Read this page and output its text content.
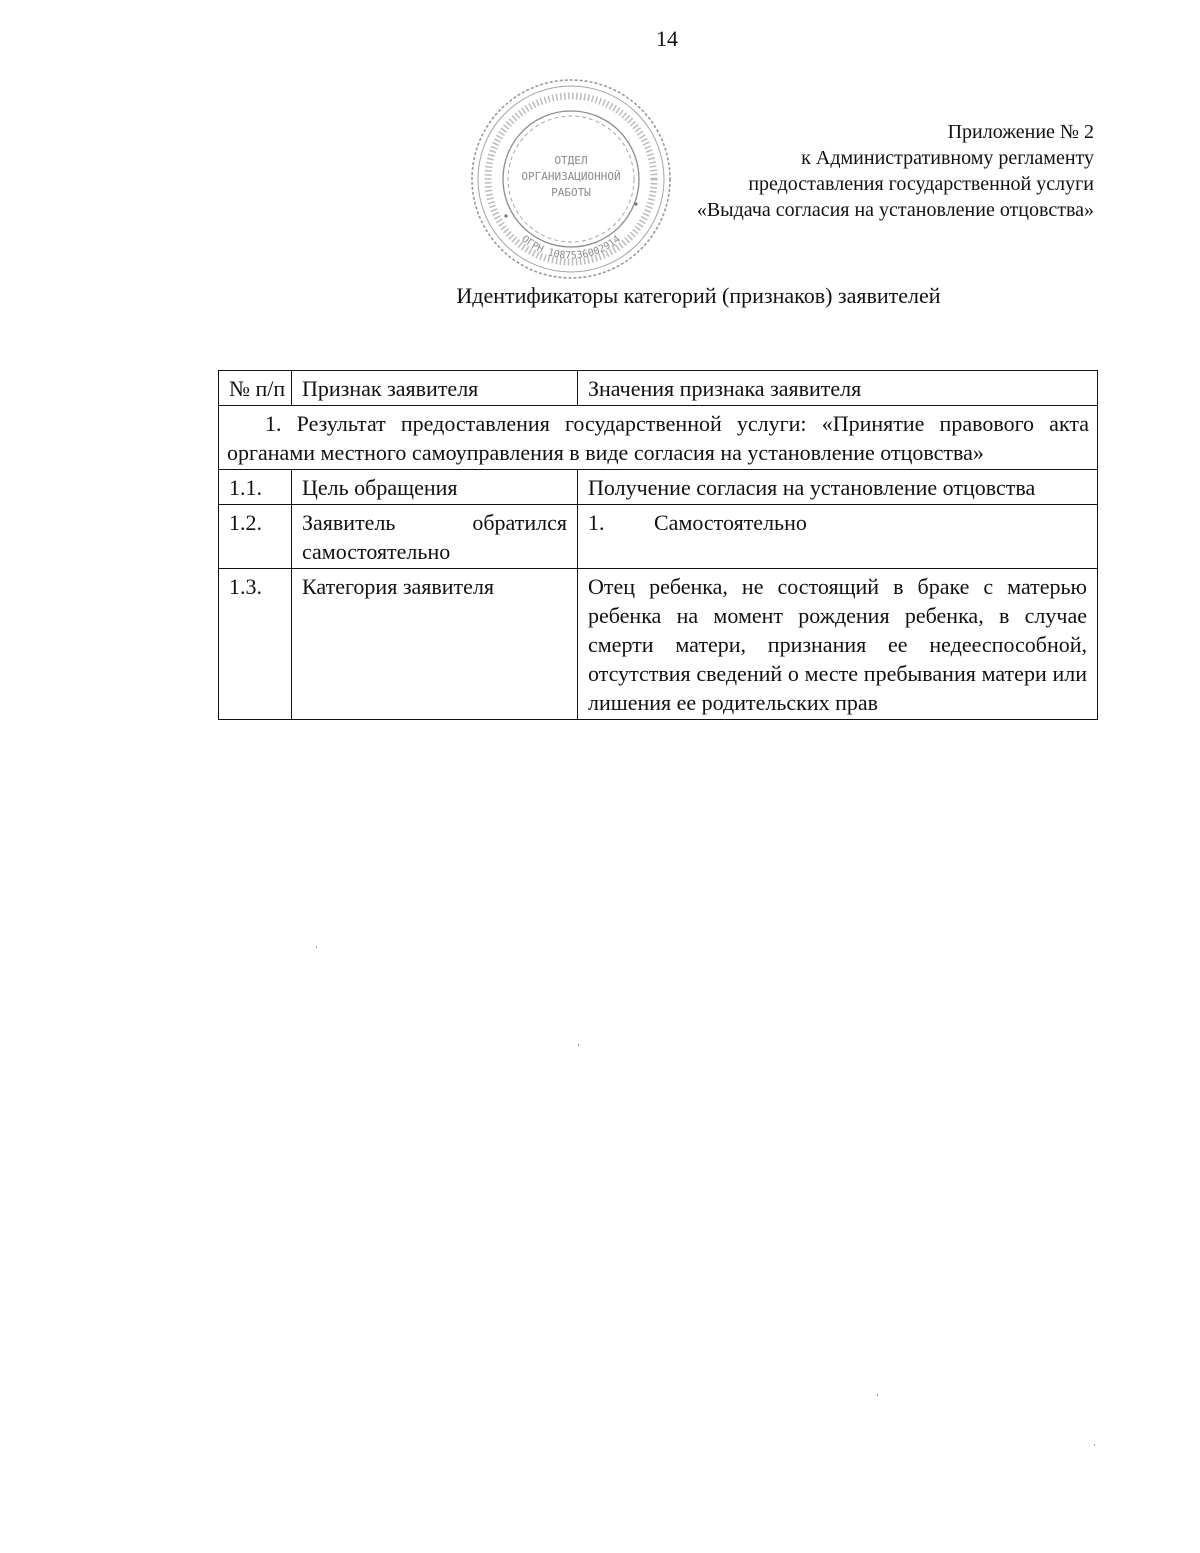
14
ОТДЕЛ
ОРГАНИЗАЦИОННОЙ
РАБОТЫ
ОГРН 1087536002914
Приложение № 2
к Административному регламенту
предоставления государственной услуги
«Выдача согласия на установление отцовства»
Идентификаторы категорий (признаков) заявителей
№ п/п	Признак заявителя	Значения признака заявителя
1. Результат предоставления государственной услуги: «Принятие правового акта органами местного самоуправления в виде согласия на установление отцовства»		
1.1.	Цель обращения	Получение согласия на установление отцовства
1.2.	Заявитель обратился самостоятельно	1. Самостоятельно
1.3.	Категория заявителя	Отец ребенка, не состоящий в браке с матерью ребенка на момент рождения ребенка, в случае смерти матери, признания ее недееспособной, отсутствия сведений о месте пребывания матери или лишения ее родительских прав
